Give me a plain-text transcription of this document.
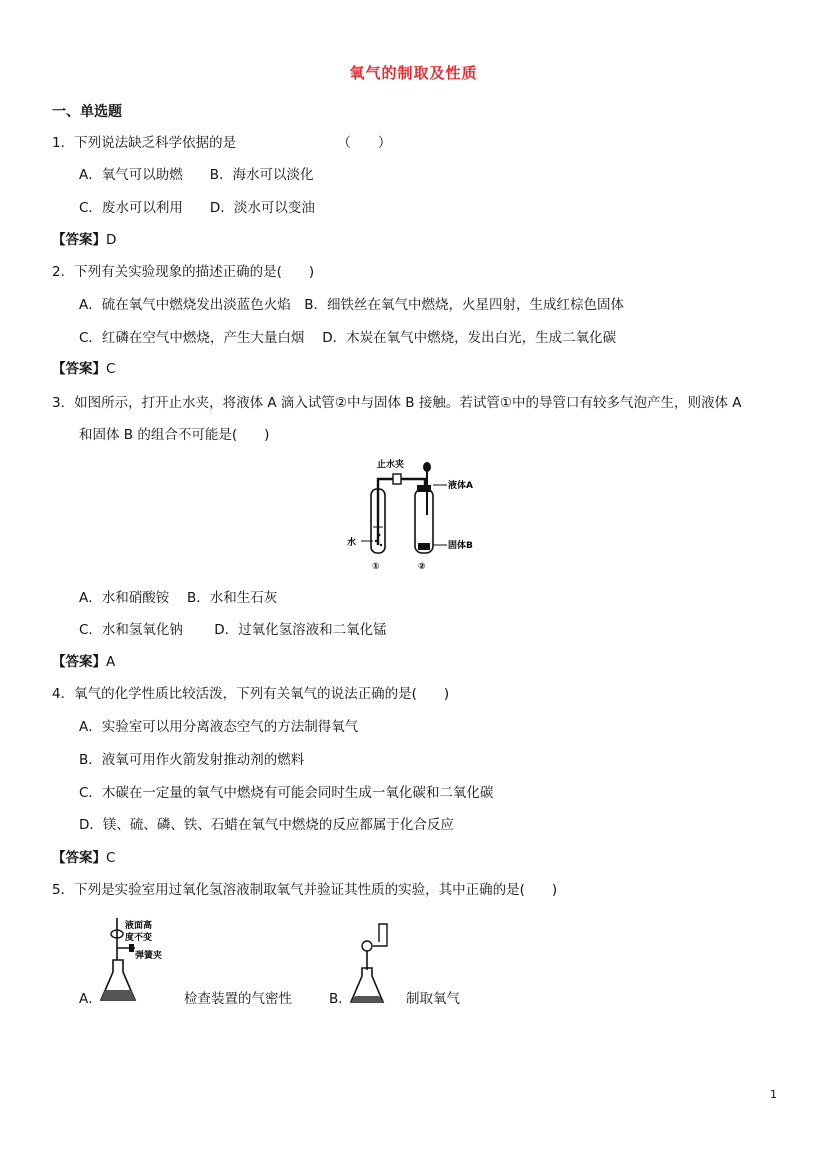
氧气的制取及性质
一、单选题
1．下列说法缺乏科学依据的是　　　　　　　　（　　）
A．氧气可以助燃　　B．海水可以淡化
C．废水可以利用　　D．淡水可以变油
【答案】D
2．下列有关实验现象的描述正确的是(　　)
A．硫在氧气中燃烧发出淡蓝色火焰　B．细铁丝在氧气中燃烧，火星四射，生成红棕色固体
C．红磷在空气中燃烧，产生大量白烟　 D．木炭在氧气中燃烧，发出白光，生成二氧化碳
【答案】C
3．如图所示，打开止水夹，将液体 A 滴入试管②中与固体 B 接触。若试管①中的导管口有较多气泡产生，则液体 A
和固体 B 的组合不可能是(　　)
止水夹
液体A
水	固体B
①	②
A．水和硝酸铵　 B．水和生石灰
C．水和氢氧化钠　　 D．过氧化氢溶液和二氧化锰
【答案】A
4．氧气的化学性质比较活泼，下列有关氧气的说法正确的是(　　)
A．实验室可以用分离液态空气的方法制得氧气
B．液氧可用作火箭发射推动剂的燃料
C．木碳在一定量的氧气中燃烧有可能会同时生成一氧化碳和二氧化碳
D．镁、硫、磷、铁、石蜡在氧气中燃烧的反应都属于化合反应
【答案】C
5．下列是实验室用过氧化氢溶液制取氧气并验证其性质的实验，其中正确的是(　　)
液面高
度不变
弹簧夹
A．	检查装置的气密性	B．	制取氧气
1
